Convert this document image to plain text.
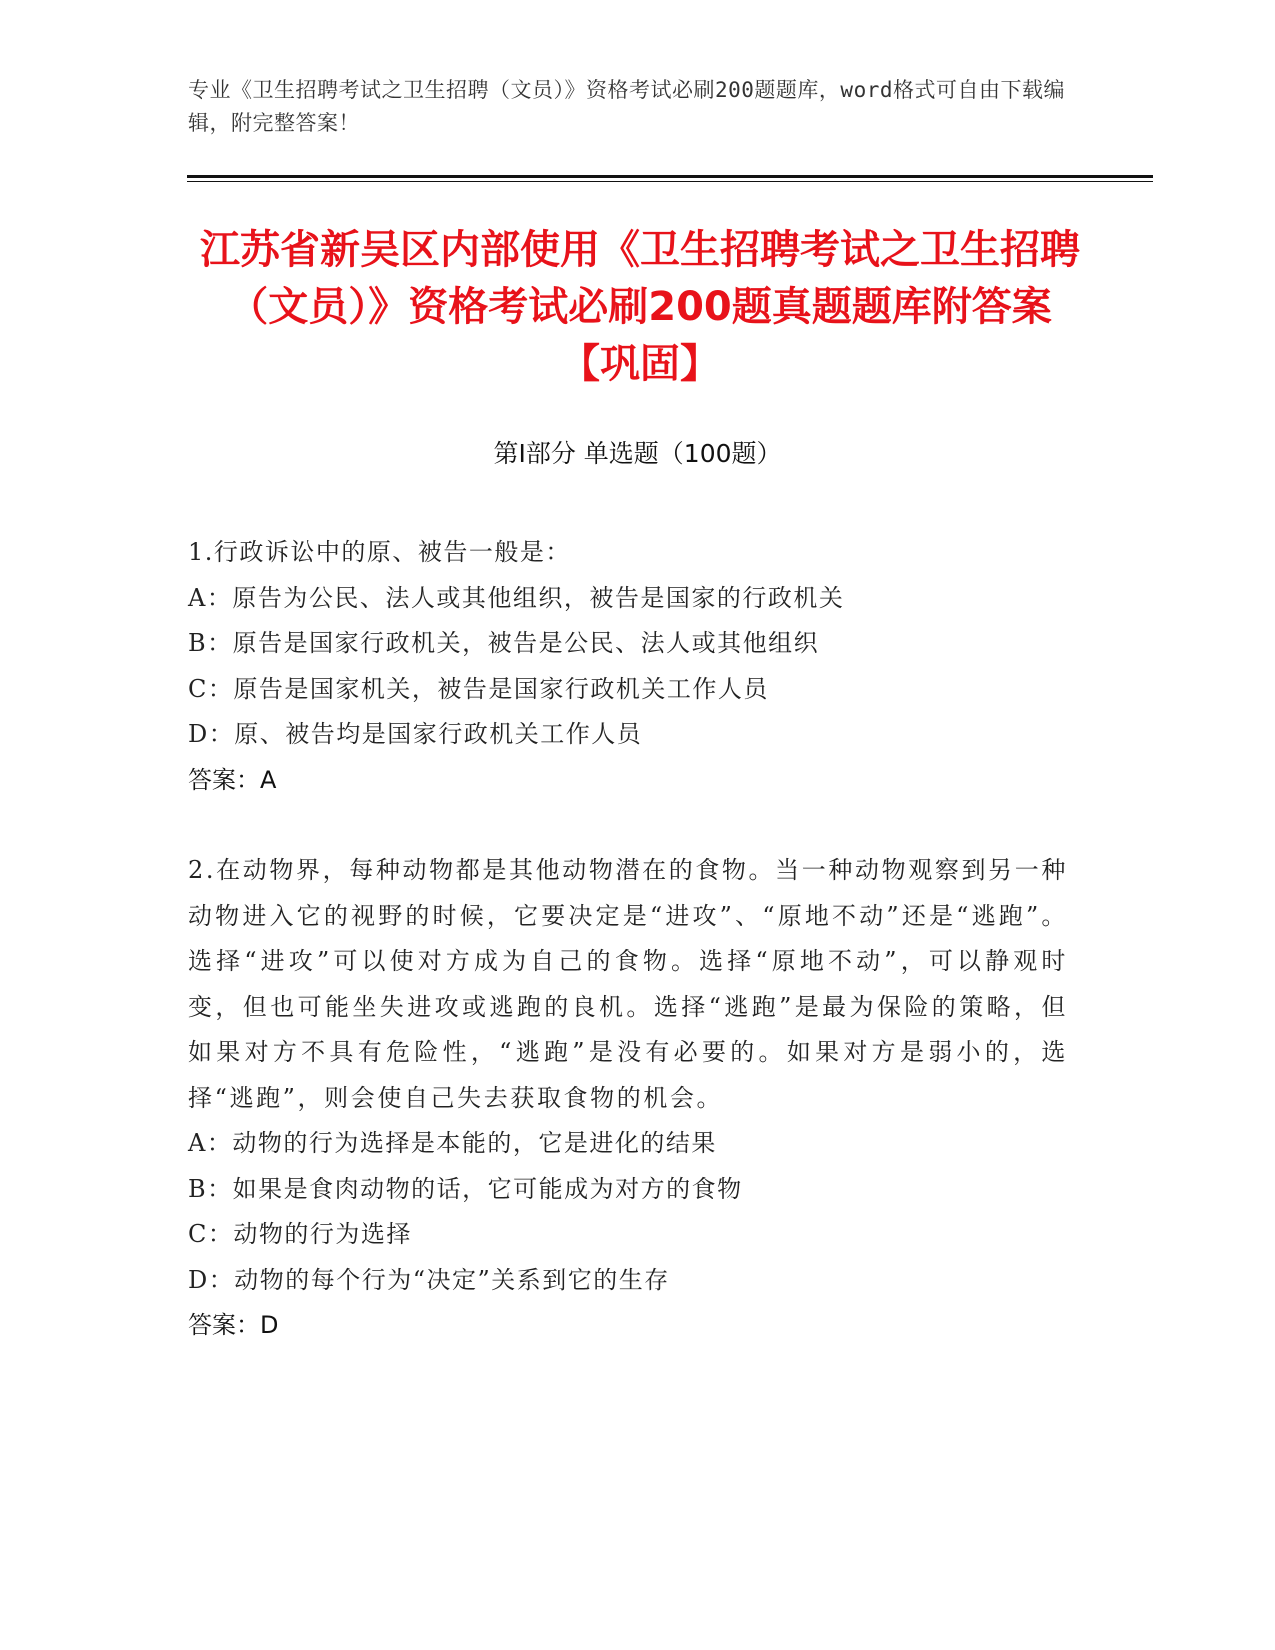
专业《卫生招聘考试之卫生招聘（文员）》资格考试必刷200题题库，word格式可自由下载编辑，附完整答案！
江苏省新吴区内部使用《卫生招聘考试之卫生招聘（文员）》资格考试必刷200题真题题库附答案【巩固】
第Ⅰ部分 单选题（100题）

1.行政诉讼中的原、被告一般是：

A：原告为公民、法人或其他组织，被告是国家的行政机关

B：原告是国家行政机关，被告是公民、法人或其他组织

C：原告是国家机关，被告是国家行政机关工作人员

D：原、被告均是国家行政机关工作人员

答案：A

2.在动物界，每种动物都是其他动物潜在的食物。当一种动物观察到另一种动物进入它的视野的时候，它要决定是“进攻”、“原地不动”还是“逃跑”。选择“进攻”可以使对方成为自己的食物。选择“原地不动”，可以静观时变，但也可能坐失进攻或逃跑的良机。选择“逃跑”是最为保险的策略，但如果对方不具有危险性，“逃跑”是没有必要的。如果对方是弱小的，选择“逃跑”，则会使自己失去获取食物的机会。

A：动物的行为选择是本能的，它是进化的结果

B：如果是食肉动物的话，它可能成为对方的食物

C：动物的行为选择

D：动物的每个行为“决定”关系到它的生存

答案：D
